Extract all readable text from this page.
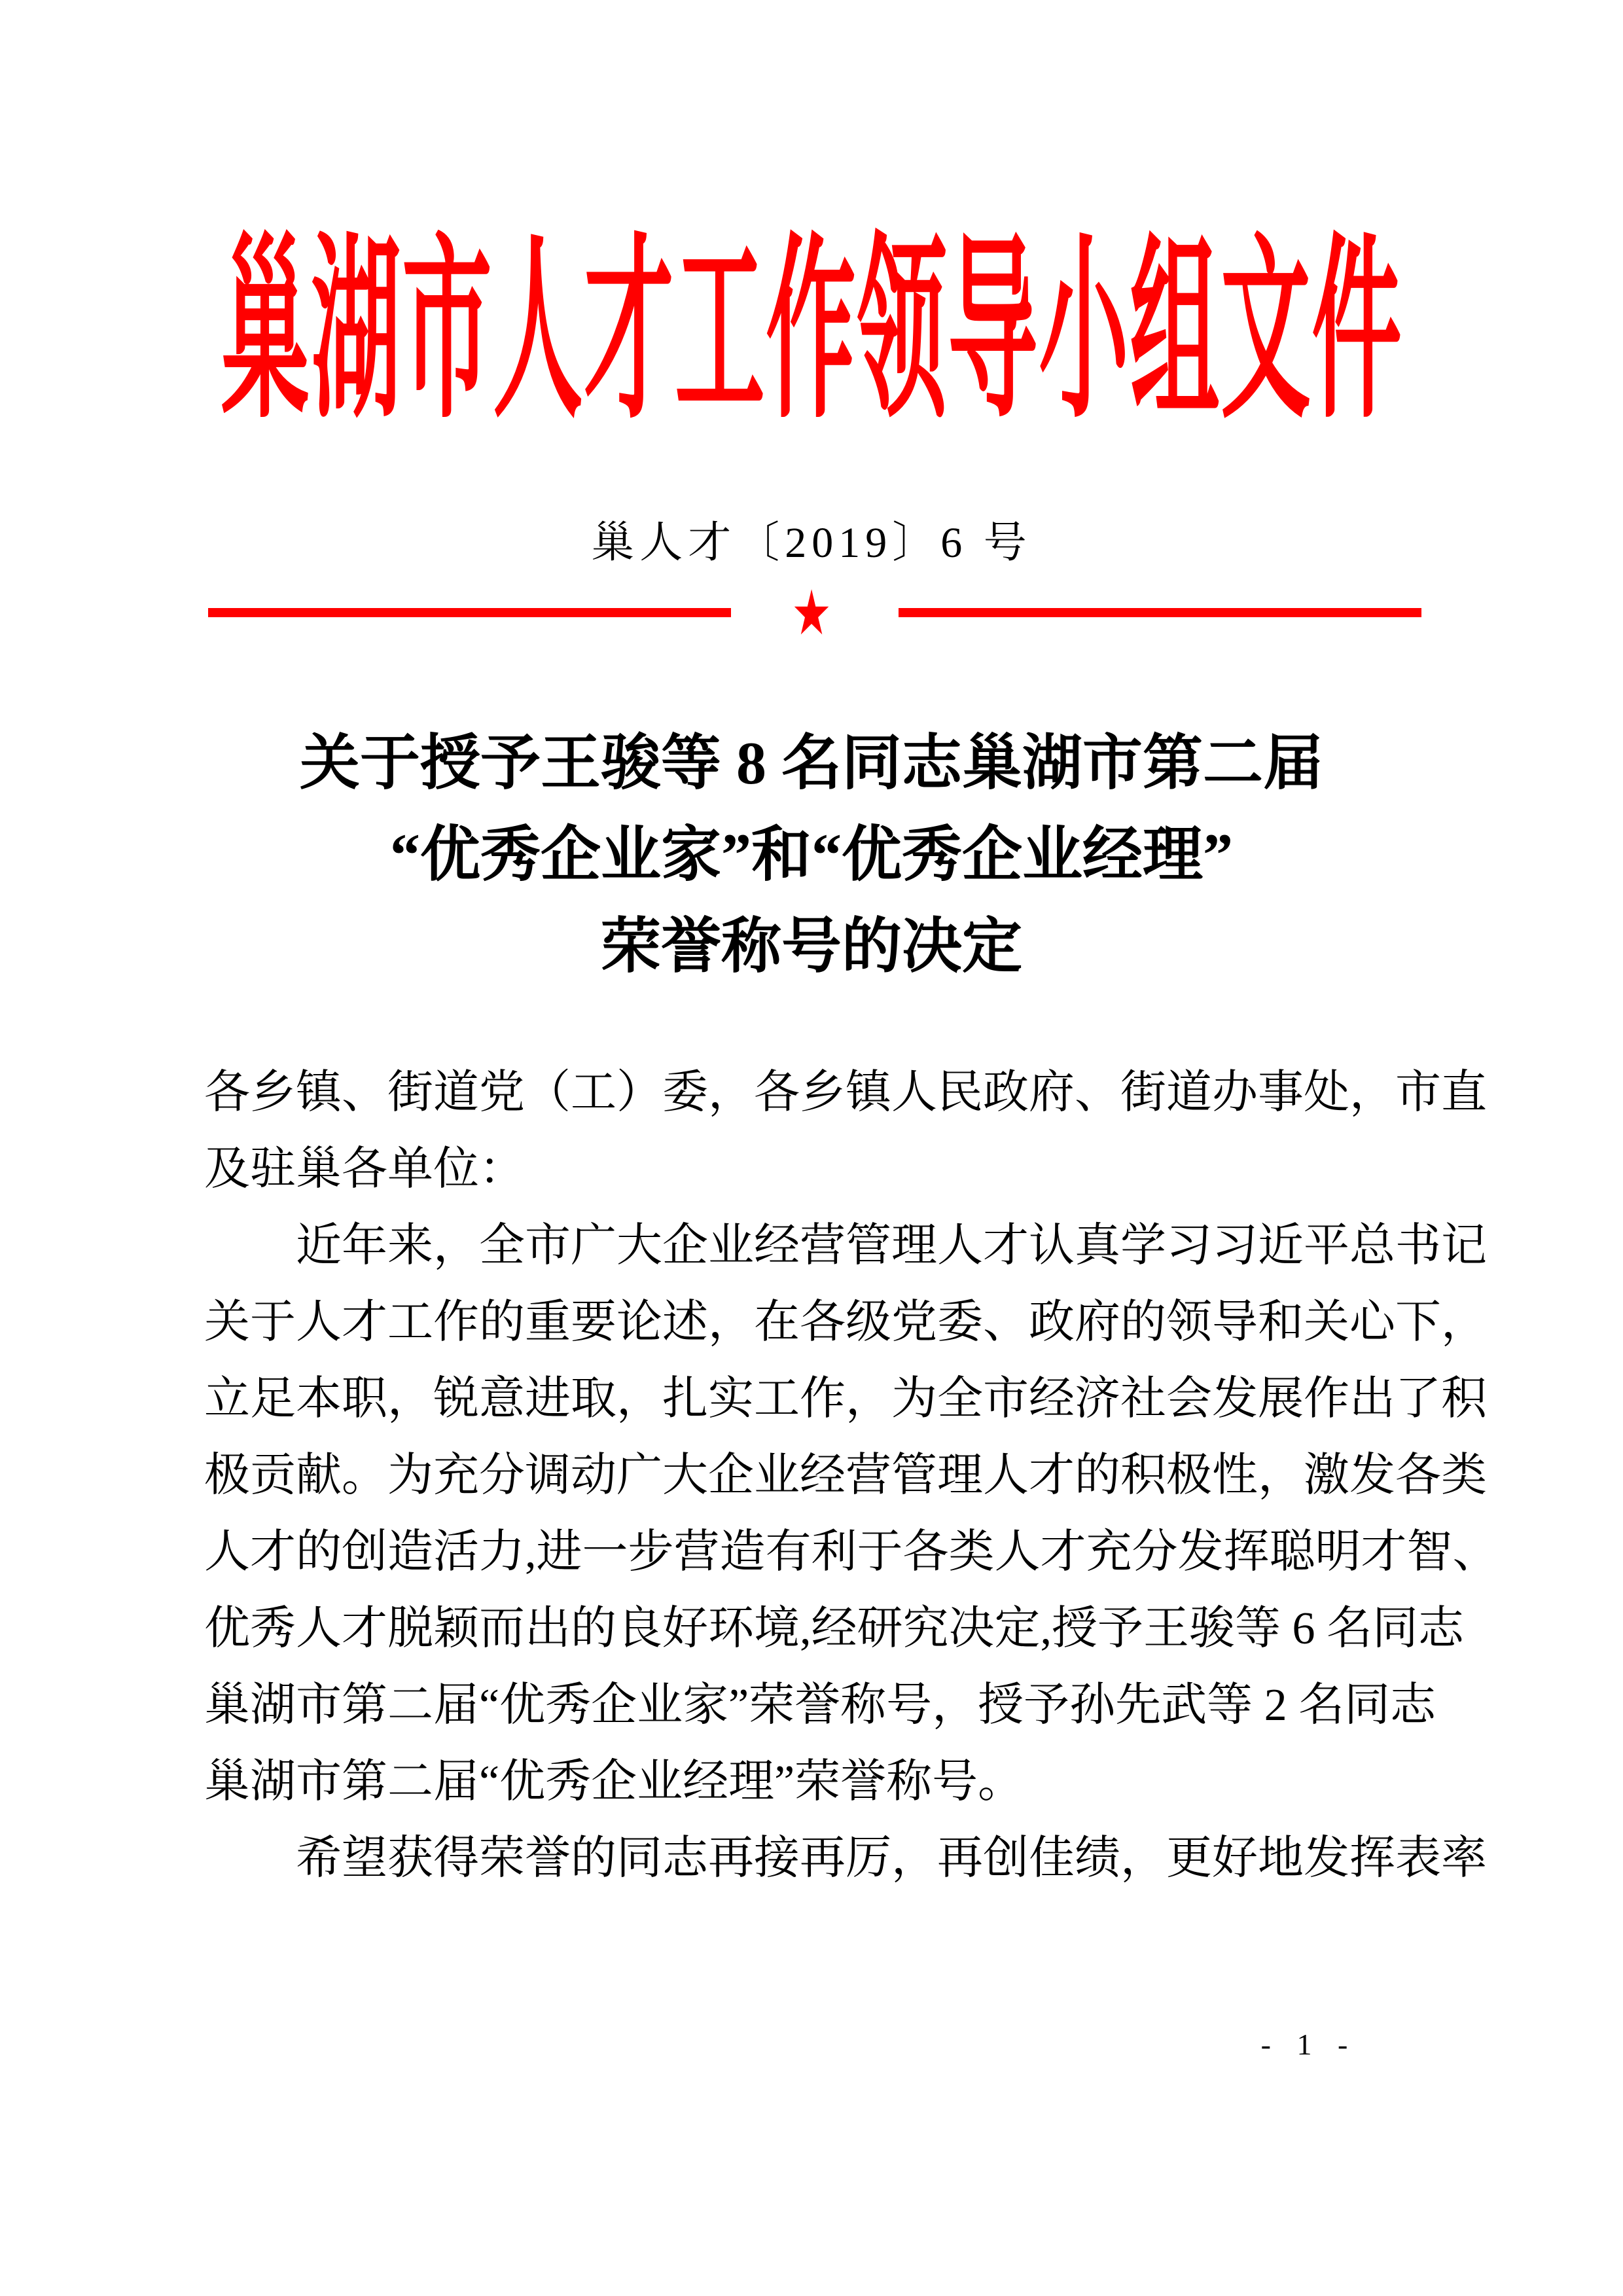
巢湖市人才工作领导小组文件
巢人才〔2019〕6 号
★
关于授予王骏等 8 名同志巢湖市第二届
“优秀企业家”和“优秀企业经理”
荣誉称号的决定
各乡镇、街道党（工）委，各乡镇人民政府、街道办事处，市直
及驻巢各单位：
近年来，全市广大企业经营管理人才认真学习习近平总书记
关于人才工作的重要论述，在各级党委、政府的领导和关心下，
立足本职，锐意进取，扎实工作，为全市经济社会发展作出了积
极贡献。为充分调动广大企业经营管理人才的积极性，激发各类
人才的创造活力,进一步营造有利于各类人才充分发挥聪明才智、
优秀人才脱颖而出的良好环境,经研究决定,授予王骏等 6 名同志
巢湖市第二届“优秀企业家”荣誉称号，授予孙先武等 2 名同志
巢湖市第二届“优秀企业经理”荣誉称号。
希望获得荣誉的同志再接再厉，再创佳绩，更好地发挥表率
- 1 -
